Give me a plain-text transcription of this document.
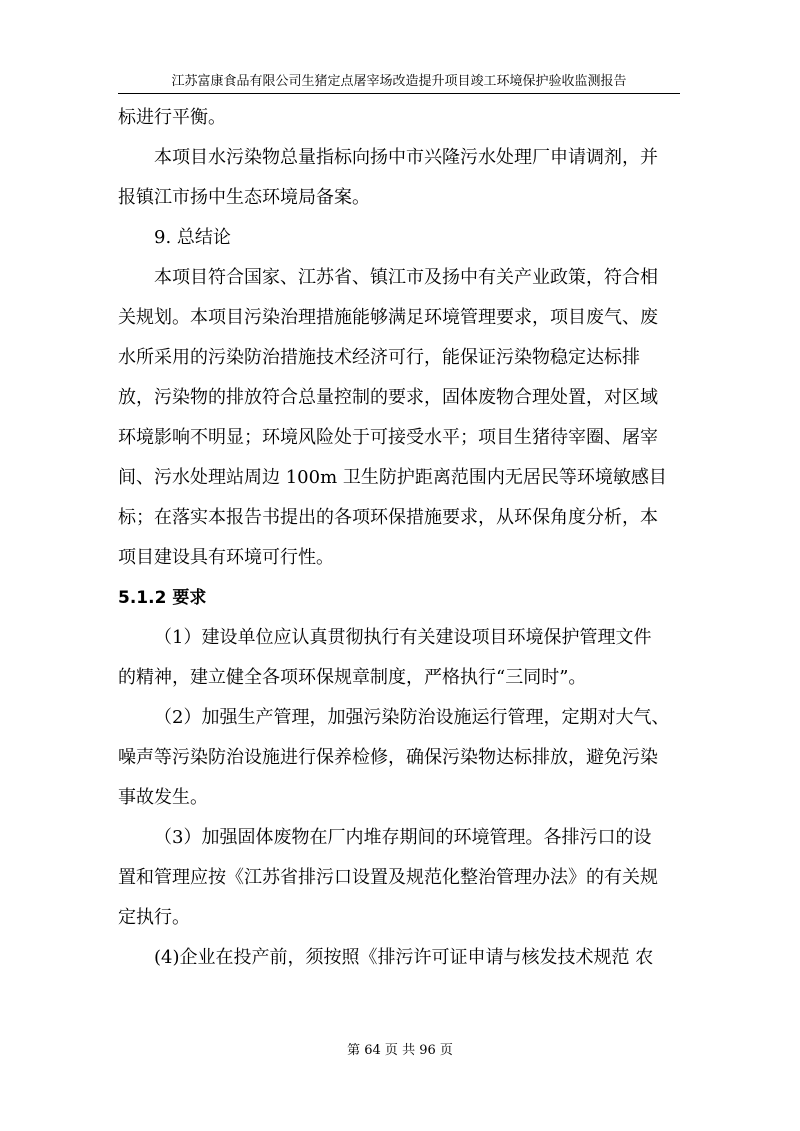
江苏富康食品有限公司生猪定点屠宰场改造提升项目竣工环境保护验收监测报告
标进行平衡。
本项目水污染物总量指标向扬中市兴隆污水处理厂申请调剂，并
报镇江市扬中生态环境局备案。
9. 总结论
本项目符合国家、江苏省、镇江市及扬中有关产业政策，符合相
关规划。本项目污染治理措施能够满足环境管理要求，项目废气、废
水所采用的污染防治措施技术经济可行，能保证污染物稳定达标排
放，污染物的排放符合总量控制的要求，固体废物合理处置，对区域
环境影响不明显；环境风险处于可接受水平；项目生猪待宰圈、屠宰
间、污水处理站周边 100m 卫生防护距离范围内无居民等环境敏感目
标；在落实本报告书提出的各项环保措施要求，从环保角度分析，本
项目建设具有环境可行性。
5.1.2 要求
（1）建设单位应认真贯彻执行有关建设项目环境保护管理文件
的精神，建立健全各项环保规章制度，严格执行“三同时”。
（2）加强生产管理，加强污染防治设施运行管理，定期对大气、
噪声等污染防治设施进行保养检修，确保污染物达标排放，避免污染
事故发生。
（3）加强固体废物在厂内堆存期间的环境管理。各排污口的设
置和管理应按《江苏省排污口设置及规范化整治管理办法》的有关规
定执行。
(4)企业在投产前，须按照《排污许可证申请与核发技术规范 农
第 64 页 共 96 页
